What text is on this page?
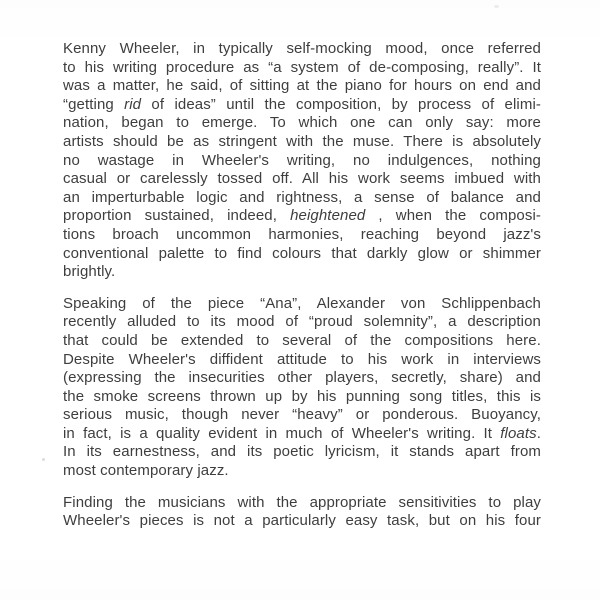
Kenny Wheeler, in typically self-mocking mood, once referred
to his writing procedure as “a system of de-composing, really”. It
was a matter, he said, of sitting at the piano for hours on end and
“getting rid of ideas” until the composition, by process of elimi-
nation, began to emerge. To which one can only say: more
artists should be as stringent with the muse. There is absolutely
no wastage in Wheeler's writing, no indulgences, nothing
casual or carelessly tossed off. All his work seems imbued with
an imperturbable logic and rightness, a sense of balance and
proportion sustained, indeed, heightened , when the composi-
tions broach uncommon harmonies, reaching beyond jazz's
conventional palette to find colours that darkly glow or shimmer
brightly.
Speaking of the piece “Ana”, Alexander von Schlippenbach
recently alluded to its mood of “proud solemnity”, a description
that could be extended to several of the compositions here.
Despite Wheeler's diffident attitude to his work in interviews
(expressing the insecurities other players, secretly, share) and
the smoke screens thrown up by his punning song titles, this is
serious music, though never “heavy” or ponderous. Buoyancy,
in fact, is a quality evident in much of Wheeler's writing. It floats.
In its earnestness, and its poetic lyricism, it stands apart from
most contemporary jazz.
Finding the musicians with the appropriate sensitivities to play
Wheeler's pieces is not a particularly easy task, but on his four
